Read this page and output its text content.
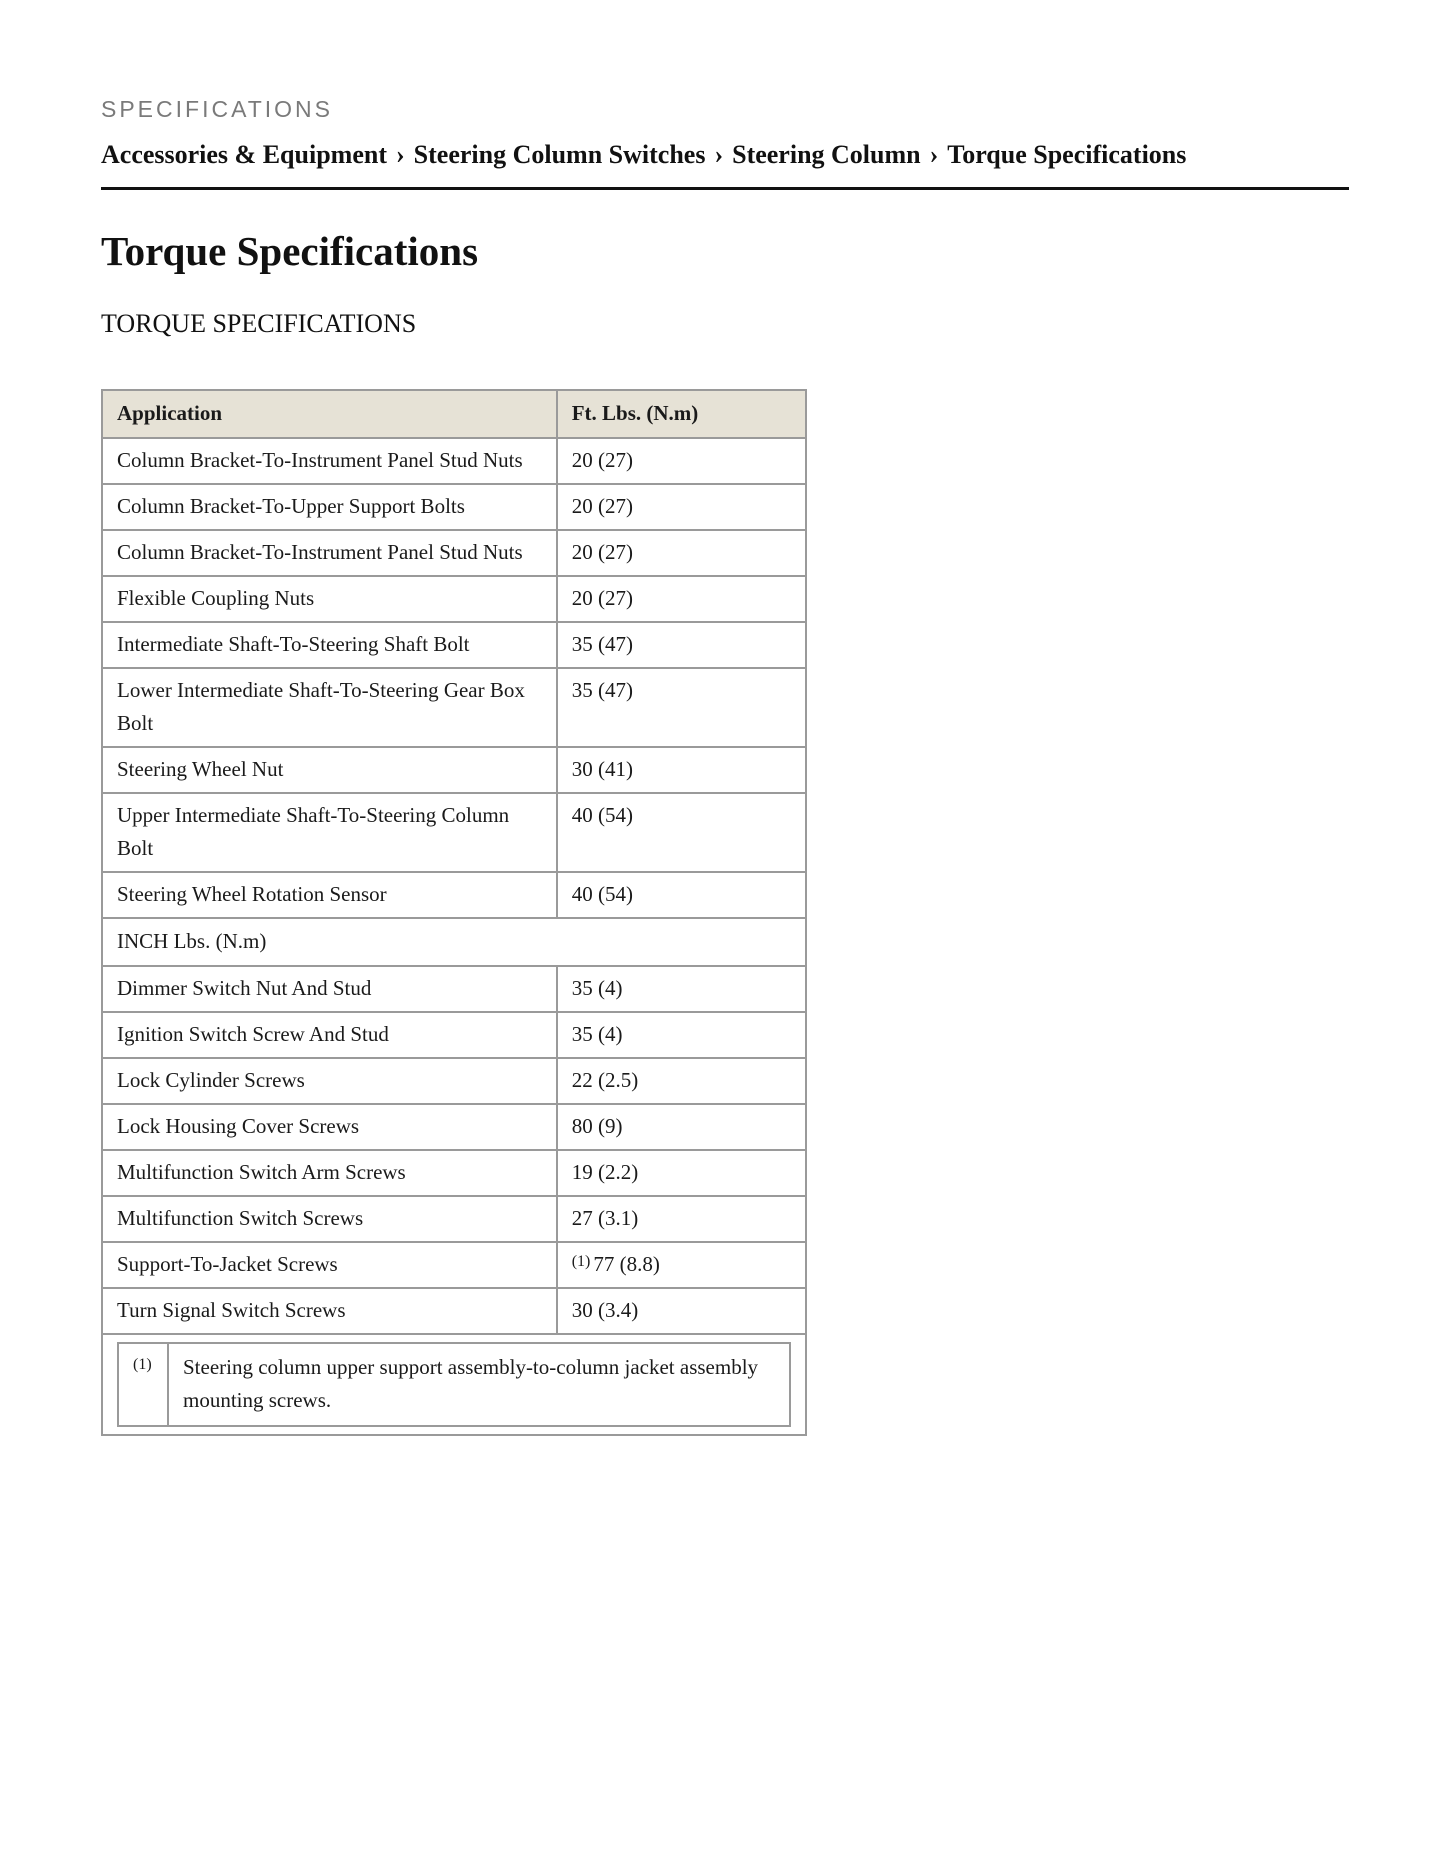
SPECIFICATIONS

Accessories & Equipment › Steering Column Switches › Steering Column › Torque Specifications
Torque Specifications
TORQUE SPECIFICATIONS
Application	Ft. Lbs. (N.m)
Column Bracket-To-Instrument Panel Stud Nuts	20 (27)
Column Bracket-To-Upper Support Bolts	20 (27)
Column Bracket-To-Instrument Panel Stud Nuts	20 (27)
Flexible Coupling Nuts	20 (27)
Intermediate Shaft-To-Steering Shaft Bolt	35 (47)
Lower Intermediate Shaft-To-Steering Gear Box Bolt	35 (47)
Steering Wheel Nut	30 (41)
Upper Intermediate Shaft-To-Steering Column Bolt	40 (54)
Steering Wheel Rotation Sensor	40 (54)
INCH Lbs. (N.m)
Dimmer Switch Nut And Stud	35 (4)
Ignition Switch Screw And Stud	35 (4)
Lock Cylinder Screws	22 (2.5)
Lock Housing Cover Screws	80 (9)
Multifunction Switch Arm Screws	19 (2.2)
Multifunction Switch Screws	27 (3.1)
Support-To-Jacket Screws	$^{(1)}$ 77 (8.8)
Turn Signal Switch Screws	30 (3.4)

(1)	Steering column upper support assembly-to-column jacket assembly mounting screws.
